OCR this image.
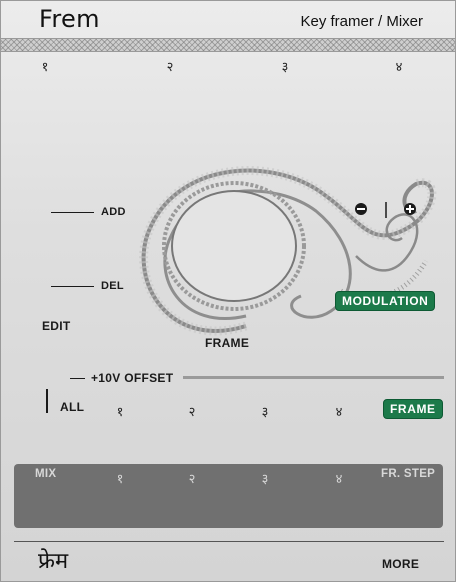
Frem	Key framer / Mixer
१	२	३	४
ADD
DEL
EDIT
FRAME
MODULATION
+10V OFFSET
ALL १	२	३	४	FRAME
MIX	१	२	३	४	FR. STEP
फ्रेम	MORE
